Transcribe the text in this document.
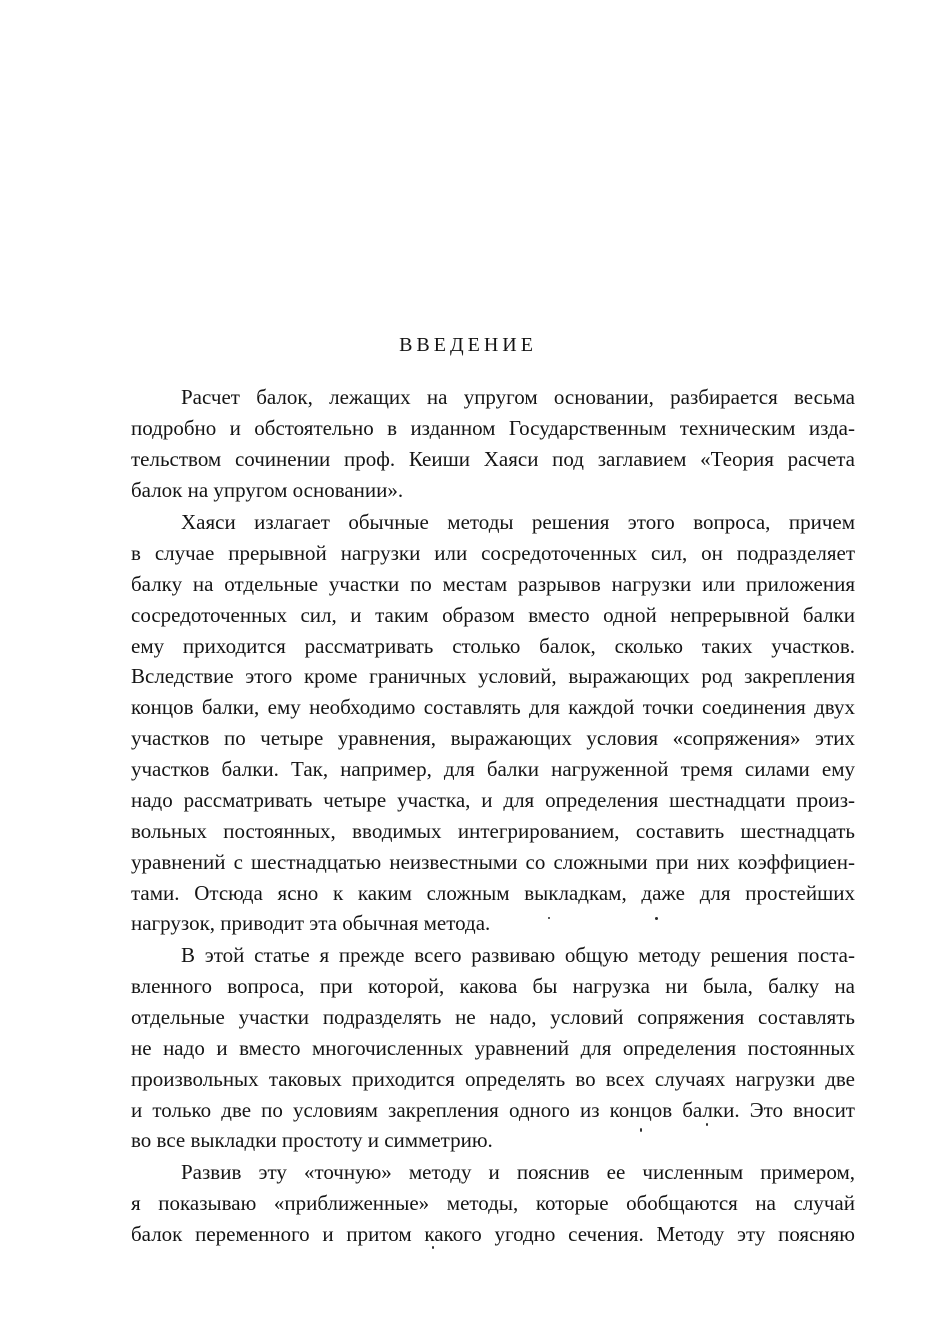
ВВЕДЕНИЕ

Расчет балок, лежащих на упругом основании, разбирается весьма

подробно и обстоятельно в изданном Государственным техническим изда-

тельством сочинении проф. Кеиши Хаяси под заглавием «Теория расчета

балок на упругом основании».

Хаяси излагает обычные методы решения этого вопроса, причем

в случае прерывной нагрузки или сосредоточенных сил, он подразделяет

балку на отдельные участки по местам разрывов нагрузки или приложения

сосредоточенных сил, и таким образом вместо одной непрерывной балки

ему приходится рассматривать столько балок, сколько таких участков.

Вследствие этого кроме граничных условий, выражающих род закрепления

концов балки, ему необходимо составлять для каждой точки соединения двух

участков по четыре уравнения, выражающих условия «сопряжения» этих

участков балки. Так, например, для балки нагруженной тремя силами ему

надо рассматривать четыре участка, и для определения шестнадцати произ-

вольных постоянных, вводимых интегрированием, составить шестнадцать

уравнений с шестнадцатью неизвестными со сложными при них коэффициен-

тами. Отсюда ясно к каким сложным выкладкам, даже для простейших

нагрузок, приводит эта обычная метода.

В этой статье я прежде всего развиваю общую методу решения поста-

вленного вопроса, при которой, какова бы нагрузка ни была, балку на

отдельные участки подразделять не надо, условий сопряжения составлять

не надо и вместо многочисленных уравнений для определения постоянных

произвольных таковых приходится определять во всех случаях нагрузки две

и только две по условиям закрепления одного из концов балки. Это вносит

во все выкладки простоту и симметрию.

Развив эту «точную» методу и пояснив ее численным примером,

я показываю «приближенные» методы, которые обобщаются на случай

балок переменного и притом какого угодно сечения. Методу эту поясняю
